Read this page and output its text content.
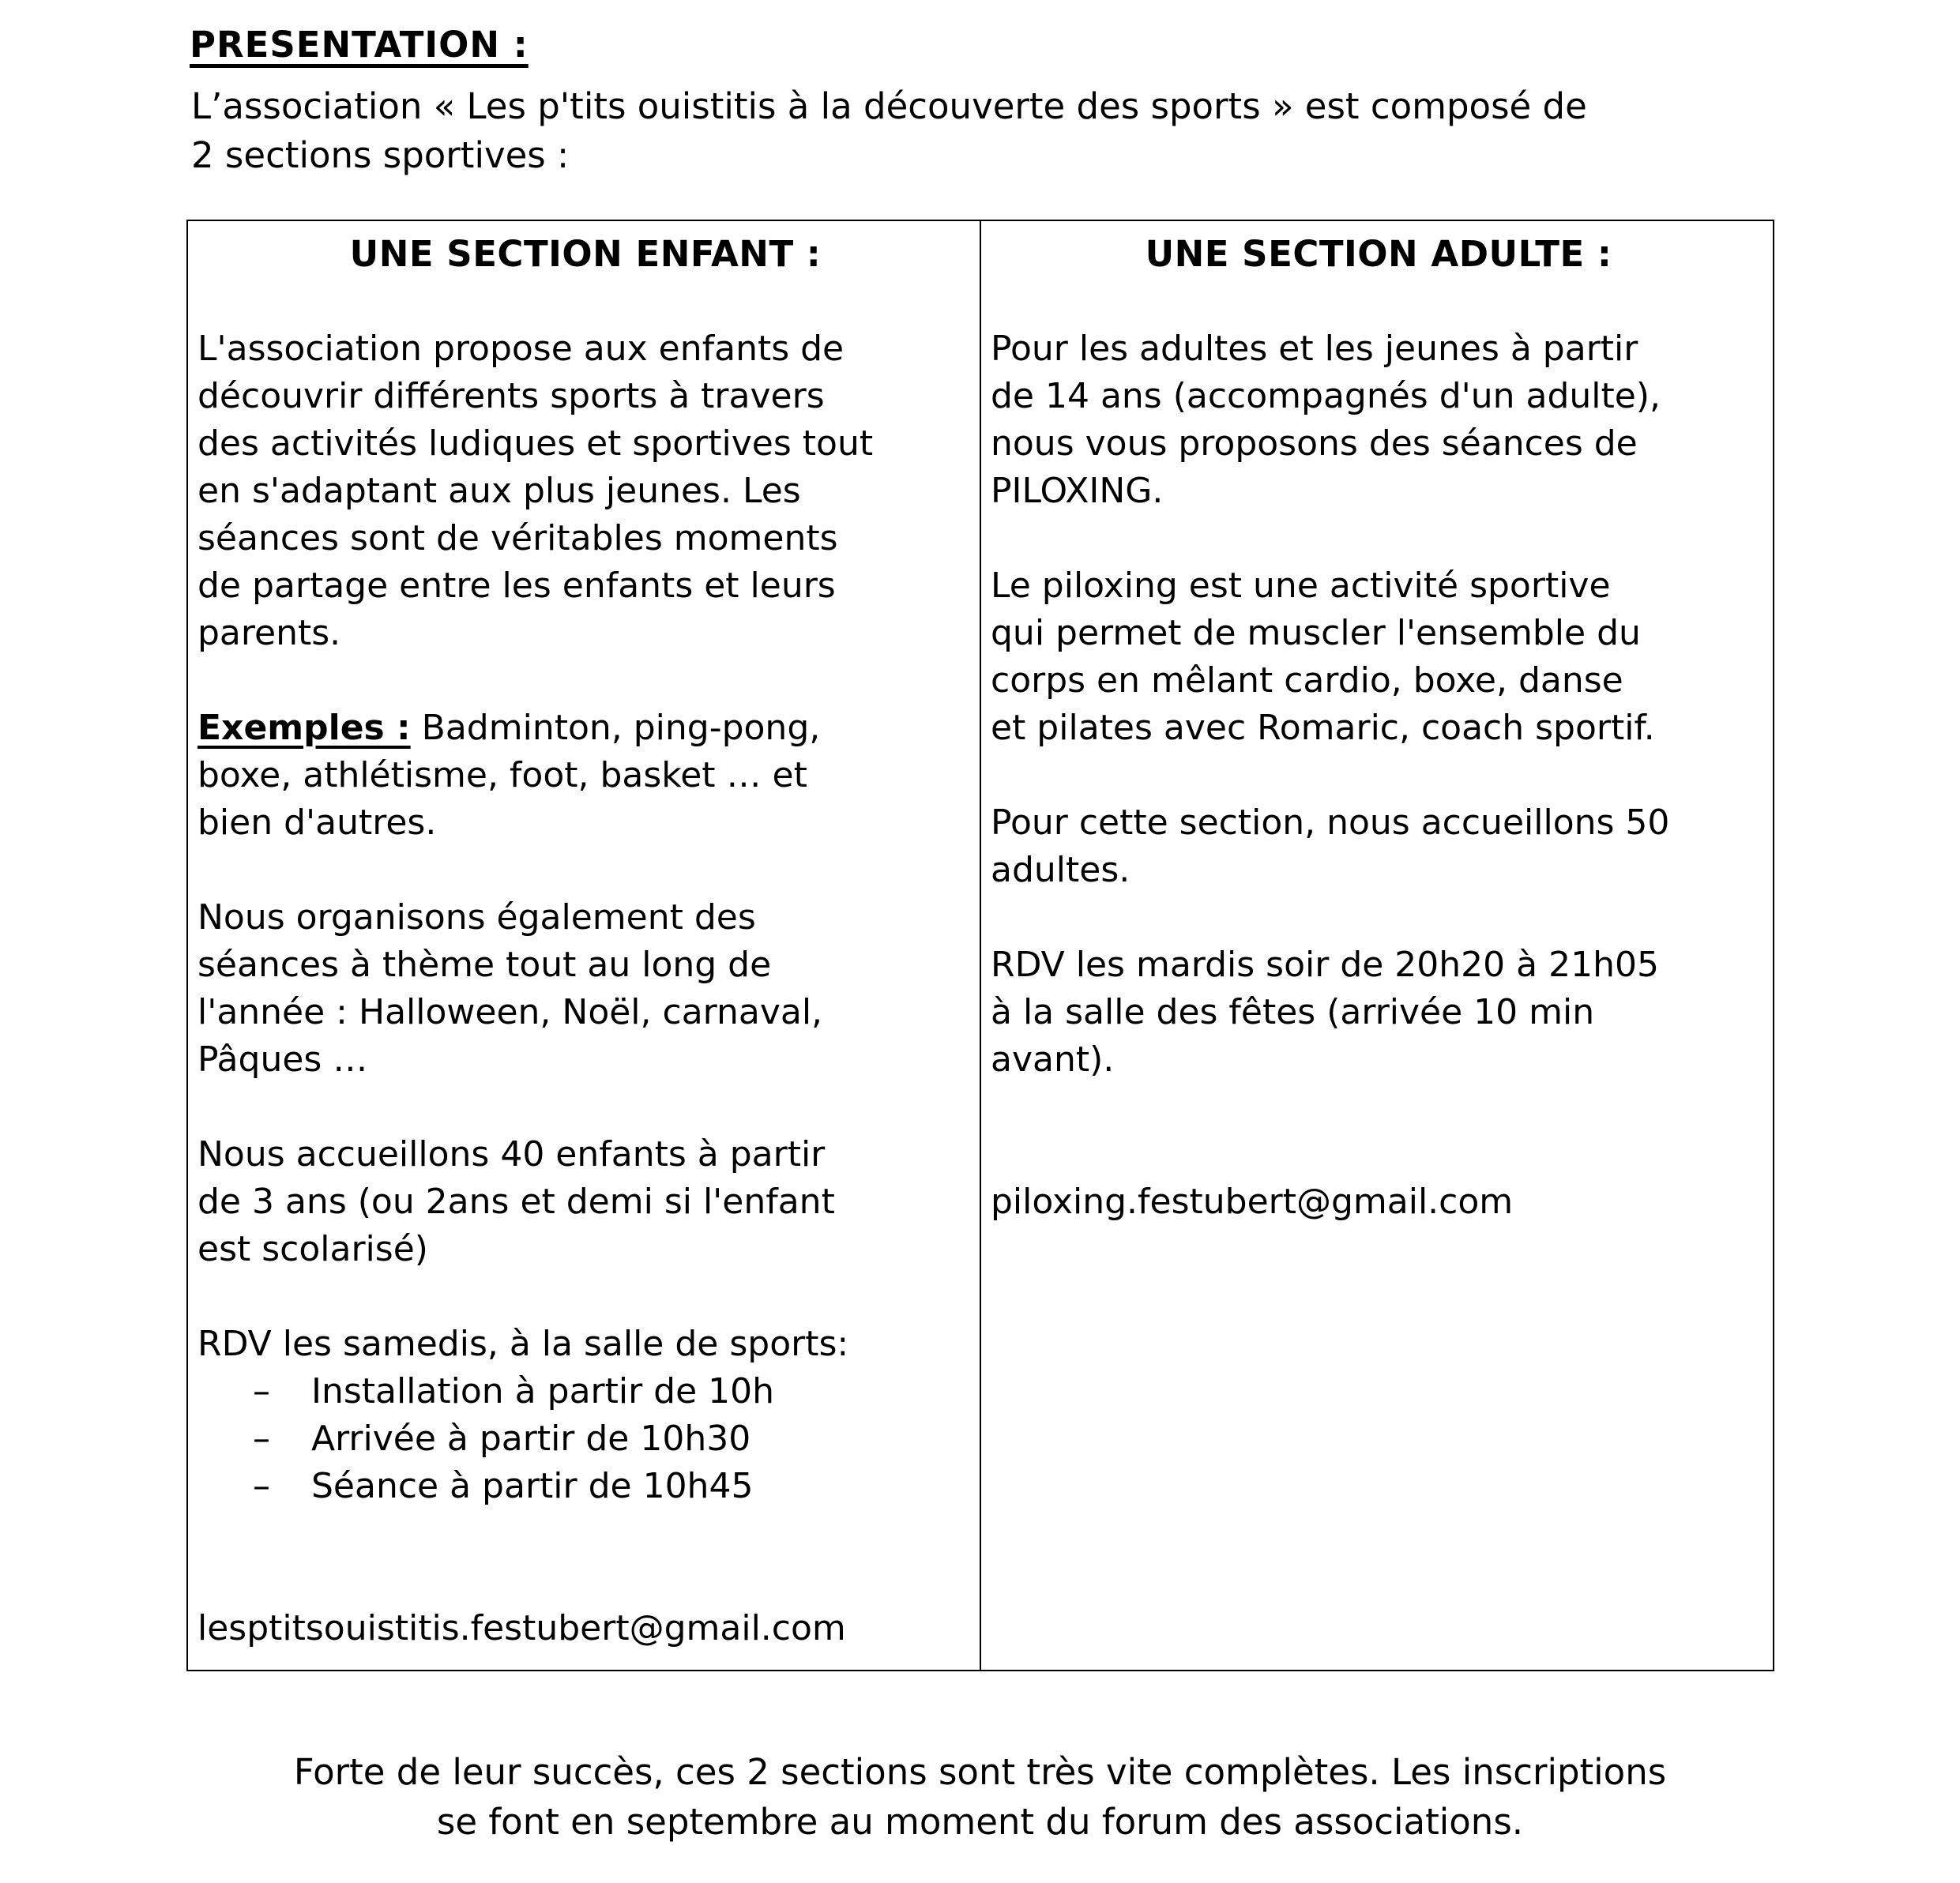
PRESENTATION :

L’association « Les p'tits ouistitis à la découverte des sports » est composé de
2 sections sportives :

UNE SECTION ENFANT :

L'association propose aux enfants de
découvrir différents sports à travers
des activités ludiques et sportives tout
en s'adaptant aux plus jeunes. Les
séances sont de véritables moments
de partage entre les enfants et leurs
parents.

Exemples : Badminton, ping-pong,
boxe, athlétisme, foot, basket … et
bien d'autres.

Nous organisons également des
séances à thème tout au long de
l'année : Halloween, Noël, carnaval,
Pâques …

Nous accueillons 40 enfants à partir
de 3 ans (ou 2ans et demi si l'enfant
est scolarisé)

RDV les samedis, à la salle de sports:

– Installation à partir de 10h
– Arrivée à partir de 10h30
– Séance à partir de 10h45

lesptitsouistitis.festubert@gmail.com

UNE SECTION ADULTE :

Pour les adultes et les jeunes à partir
de 14 ans (accompagnés d'un adulte),
nous vous proposons des séances de
PILOXING.

Le piloxing est une activité sportive
qui permet de muscler l'ensemble du
corps en mêlant cardio, boxe, danse
et pilates avec Romaric, coach sportif.

Pour cette section, nous accueillons 50
adultes.

RDV les mardis soir de 20h20 à 21h05
à la salle des fêtes (arrivée 10 min
avant).

piloxing.festubert@gmail.com

Forte de leur succès, ces 2 sections sont très vite complètes. Les inscriptions
se font en septembre au moment du forum des associations.
